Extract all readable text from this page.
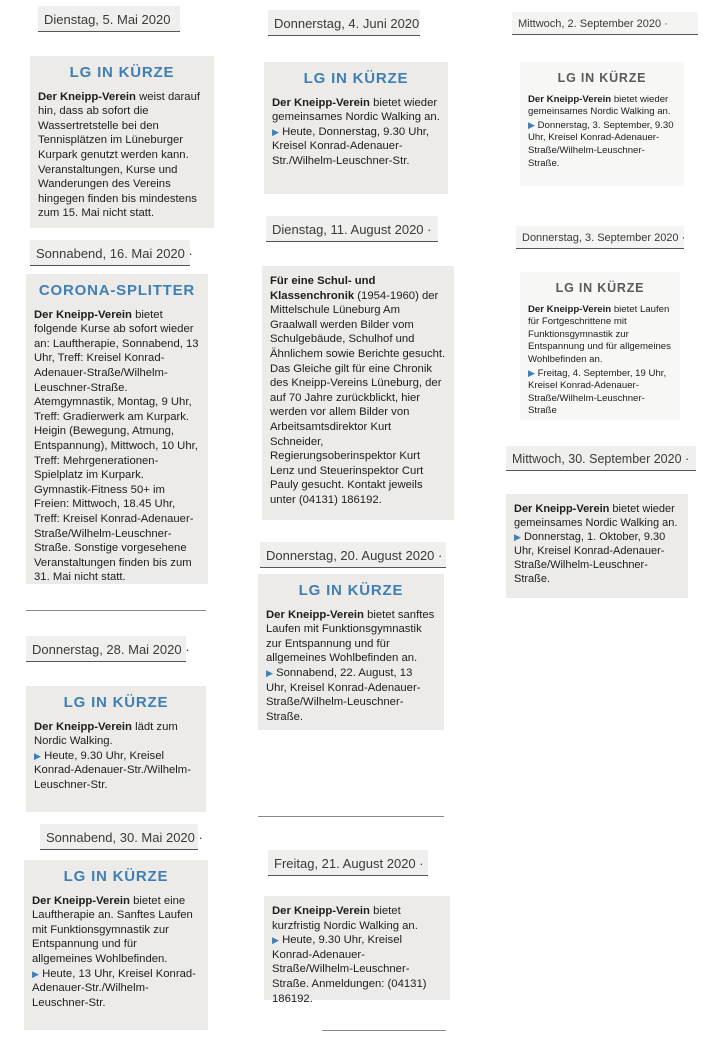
Dienstag, 5. Mai 2020
LG IN KÜRZE

Der Kneipp-Verein weist darauf hin, dass ab sofort die Wassertretstelle bei den Tennisplätzen im Lüneburger Kurpark genutzt werden kann. Veranstaltungen, Kurse und Wanderungen des Vereins hingegen finden bis mindestens zum 15. Mai nicht statt.

Sonnabend, 16. Mai 2020 ·
CORONA-SPLITTER

Der Kneipp-Verein bietet folgende Kurse ab sofort wieder an: Lauftherapie, Sonnabend, 13 Uhr, Treff: Kreisel Konrad-Adenauer-Straße/Wilhelm-Leuschner-Straße. Atemgymnastik, Montag, 9 Uhr, Treff: Gradierwerk am Kurpark. Heigin (Bewegung, Atmung, Entspannung), Mittwoch, 10 Uhr, Treff: Mehrgenerationen-Spielplatz im Kurpark. Gymnastik-Fitness 50+ im Freien: Mittwoch, 18.45 Uhr, Treff: Kreisel Konrad-Adenauer-Straße/Wilhelm-Leuschner-Straße. Sonstige vorgesehene Veranstaltungen finden bis zum 31. Mai nicht statt.

Donnerstag, 28. Mai 2020 ·
LG IN KÜRZE

Der Kneipp-Verein lädt zum Nordic Walking.
▶ Heute, 9.30 Uhr, Kreisel Konrad-Adenauer-Str./Wilhelm-Leuschner-Str.

Sonnabend, 30. Mai 2020 ·
LG IN KÜRZE

Der Kneipp-Verein bietet eine Lauftherapie an. Sanftes Laufen mit Funktionsgymnastik zur Entspannung und für allgemeines Wohlbefinden.
▶ Heute, 13 Uhr, Kreisel Konrad-Adenauer-Str./Wilhelm-Leuschner-Str.

Donnerstag, 4. Juni 2020
LG IN KÜRZE

Der Kneipp-Verein bietet wieder gemeinsames Nordic Walking an.
▶ Heute, Donnerstag, 9.30 Uhr, Kreisel Konrad-Adenauer-Str./Wilhelm-Leuschner-Str.

Dienstag, 11. August 2020 ·

Für eine Schul- und Klassenchronik (1954-1960) der Mittelschule Lüneburg Am Graalwall werden Bilder vom Schulgebäude, Schulhof und Ähnlichem sowie Berichte gesucht. Das Gleiche gilt für eine Chronik des Kneipp-Vereins Lüneburg, der auf 70 Jahre zurückblickt, hier werden vor allem Bilder von Arbeitsamtsdirektor Kurt Schneider, Regierungsoberinspektor Kurt Lenz und Steuerinspektor Curt Pauly gesucht. Kontakt jeweils unter (04131) 186192.

Donnerstag, 20. August 2020 ·
LG IN KÜRZE

Der Kneipp-Verein bietet sanftes Laufen mit Funktionsgymnastik zur Entspannung und für allgemeines Wohlbefinden an.
▶ Sonnabend, 22. August, 13 Uhr, Kreisel Konrad-Adenauer-Straße/Wilhelm-Leuschner-Straße.

Freitag, 21. August 2020 ·

Der Kneipp-Verein bietet kurzfristig Nordic Walking an.
▶ Heute, 9.30 Uhr, Kreisel Konrad-Adenauer-Straße/Wilhelm-Leuschner-Straße. Anmeldungen: (04131) 186192.

Mittwoch, 2. September 2020 ·
LG IN KÜRZE

Der Kneipp-Verein bietet wieder gemeinsames Nordic Walking an.
▶ Donnerstag, 3. September, 9.30 Uhr, Kreisel Konrad-Adenauer-Straße/Wilhelm-Leuschner-Straße.

Donnerstag, 3. September 2020 ·
LG IN KÜRZE

Der Kneipp-Verein bietet Laufen für Fortgeschrittene mit Funktionsgymnastik zur Entspannung und für allgemeines Wohlbefinden an.
▶ Freitag, 4. September, 19 Uhr, Kreisel Konrad-Adenauer-Straße/Wilhelm-Leuschner-Straße

Mittwoch, 30. September 2020 ·

Der Kneipp-Verein bietet wieder gemeinsames Nordic Walking an.
▶ Donnerstag, 1. Oktober, 9.30 Uhr, Kreisel Konrad-Adenauer-Straße/Wilhelm-Leuschner-Straße.
